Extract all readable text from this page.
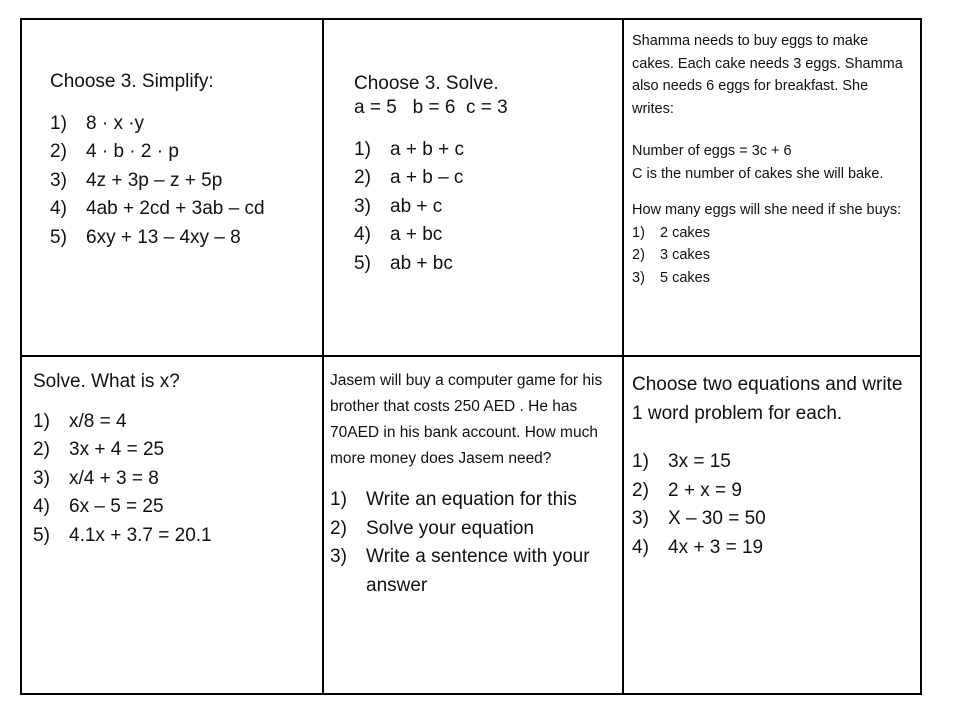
Choose 3. Simplify:

1) 8 · x ·y
2) 4 · b · 2 · p
3) 4z + 3p – z + 5p
4) 4ab + 2cd + 3ab – cd
5) 6xy + 13 – 4xy – 8

Choose 3. Solve.

a = 5   b = 6  c = 3

1) a + b + c
2) a + b – c
3) ab + c
4) a + bc
5) ab + bc

Shamma needs to buy eggs to make cakes. Each cake needs 3 eggs. Shamma also needs 6 eggs for breakfast. She writes:

Number of eggs = 3c + 6

C is the number of cakes she will bake.

How many eggs will she need if she buys:

1) 2 cakes
2) 3 cakes
3) 5 cakes

Solve. What is x?

1) x/8 = 4
2) 3x + 4 = 25
3) x/4 + 3 = 8
4) 6x – 5 = 25
5) 4.1x + 3.7 = 20.1

Jasem will buy a computer game for his brother that costs 250 AED . He has 70AED in his bank account. How much more money does Jasem need?

1) Write an equation for this
2) Solve your equation
3) Write a sentence with your answer

Choose two equations and write 1 word problem for each.

1) 3x = 15
2) 2 + x = 9
3) X – 30 = 50
4) 4x + 3 = 19
